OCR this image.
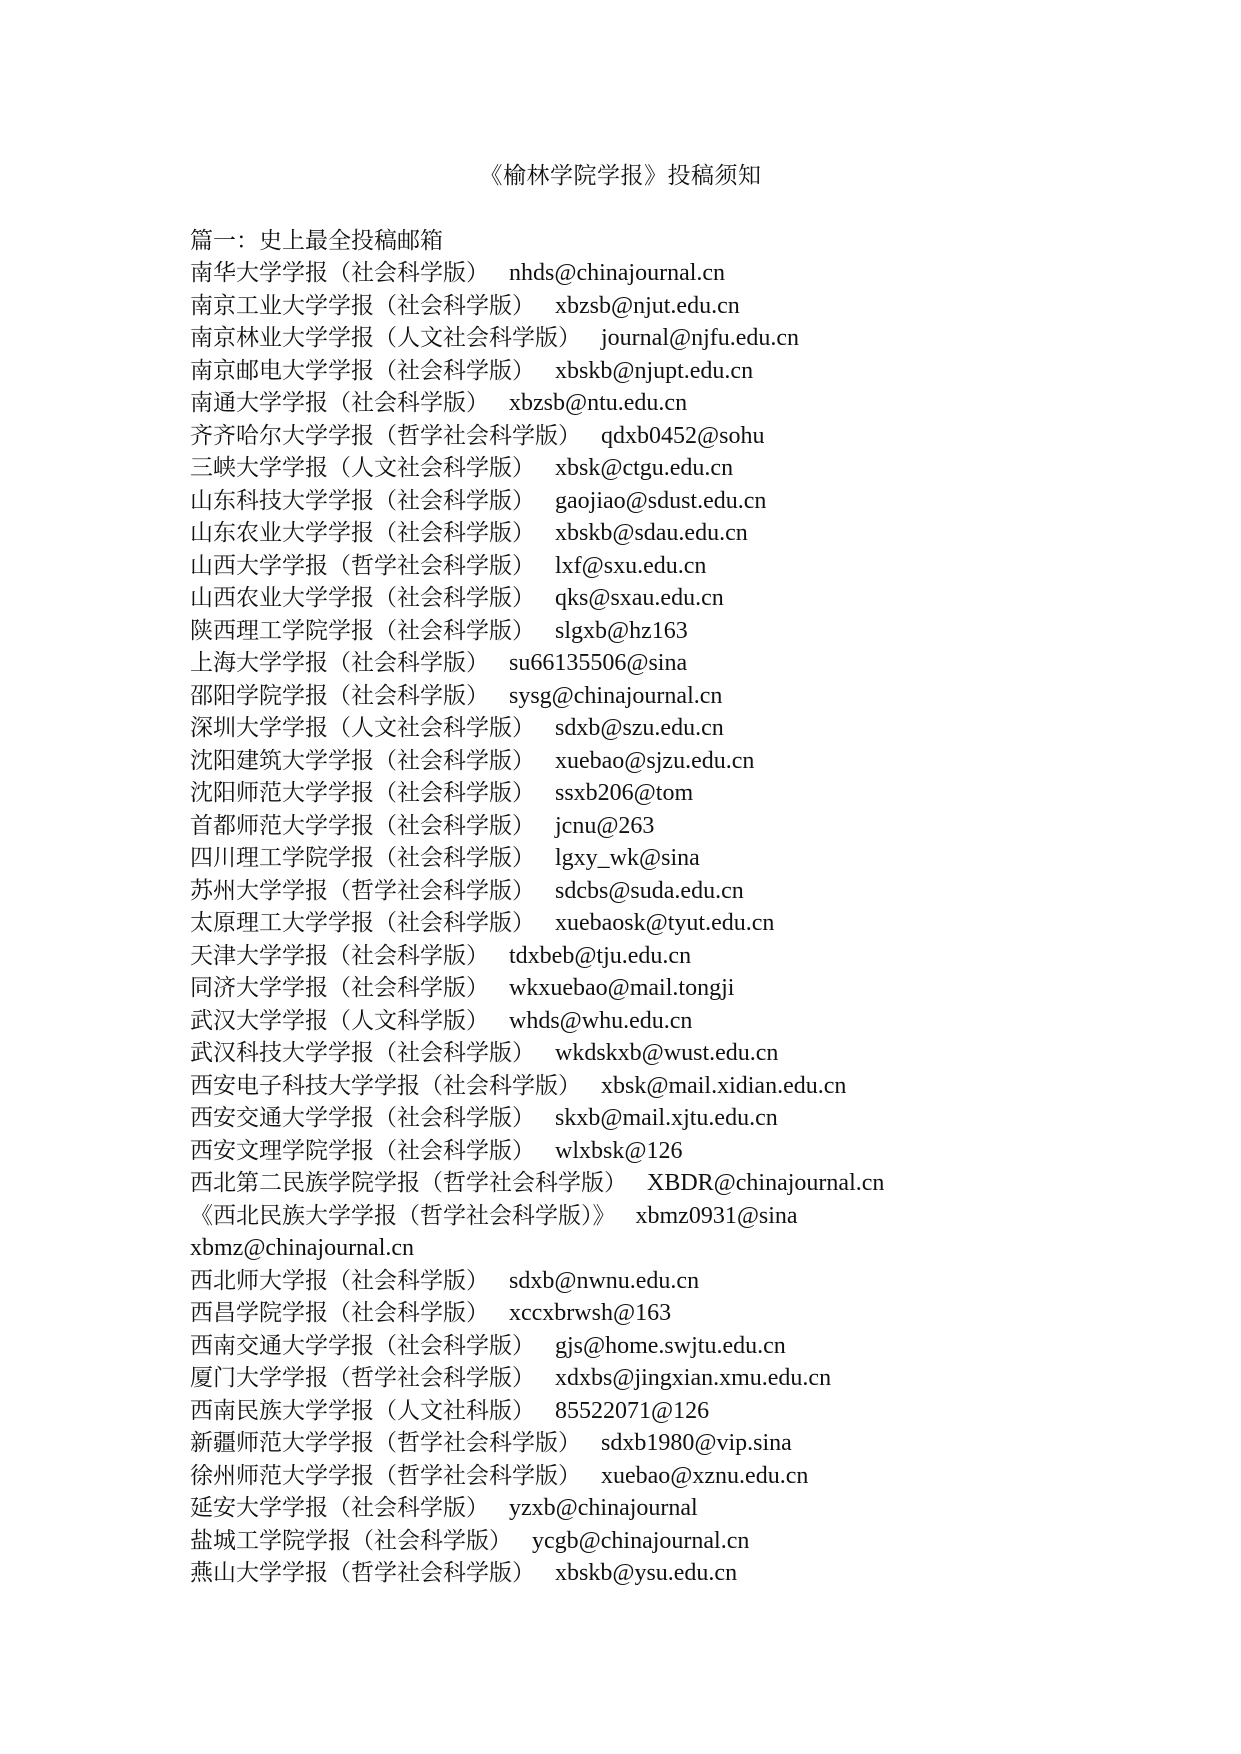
《榆林学院学报》投稿须知
篇一：史上最全投稿邮箱
南华大学学报（社会科学版） nhds@chinajournal.cn
南京工业大学学报（社会科学版） xbzsb@njut.edu.cn
南京林业大学学报（人文社会科学版） journal@njfu.edu.cn
南京邮电大学学报（社会科学版） xbskb@njupt.edu.cn
南通大学学报（社会科学版） xbzsb@ntu.edu.cn
齐齐哈尔大学学报（哲学社会科学版） qdxb0452@sohu
三峡大学学报（人文社会科学版） xbsk@ctgu.edu.cn
山东科技大学学报（社会科学版） gaojiao@sdust.edu.cn
山东农业大学学报（社会科学版） xbskb@sdau.edu.cn
山西大学学报（哲学社会科学版） lxf@sxu.edu.cn
山西农业大学学报（社会科学版） qks@sxau.edu.cn
陕西理工学院学报（社会科学版） slgxb@hz163
上海大学学报（社会科学版） su66135506@sina
邵阳学院学报（社会科学版） sysg@chinajournal.cn
深圳大学学报（人文社会科学版） sdxb@szu.edu.cn
沈阳建筑大学学报（社会科学版） xuebao@sjzu.edu.cn
沈阳师范大学学报（社会科学版） ssxb206@tom
首都师范大学学报（社会科学版） jcnu@263
四川理工学院学报（社会科学版） lgxy_wk@sina
苏州大学学报（哲学社会科学版） sdcbs@suda.edu.cn
太原理工大学学报（社会科学版） xuebaosk@tyut.edu.cn
天津大学学报（社会科学版） tdxbeb@tju.edu.cn
同济大学学报（社会科学版） wkxuebao@mail.tongji
武汉大学学报（人文科学版） whds@whu.edu.cn
武汉科技大学学报（社会科学版） wkdskxb@wust.edu.cn
西安电子科技大学学报（社会科学版） xbsk@mail.xidian.edu.cn
西安交通大学学报（社会科学版） skxb@mail.xjtu.edu.cn
西安文理学院学报（社会科学版） wlxbsk@126
西北第二民族学院学报（哲学社会科学版） XBDR@chinajournal.cn
《西北民族大学学报（哲学社会科学版）》 xbmz0931@sina
xbmz@chinajournal.cn
西北师大学报（社会科学版） sdxb@nwnu.edu.cn
西昌学院学报（社会科学版） xccxbrwsh@163
西南交通大学学报（社会科学版） gjs@home.swjtu.edu.cn
厦门大学学报（哲学社会科学版） xdxbs@jingxian.xmu.edu.cn
西南民族大学学报（人文社科版） 85522071@126
新疆师范大学学报（哲学社会科学版） sdxb1980@vip.sina
徐州师范大学学报（哲学社会科学版） xuebao@xznu.edu.cn
延安大学学报（社会科学版） yzxb@chinajournal
盐城工学院学报（社会科学版） ycgb@chinajournal.cn
燕山大学学报（哲学社会科学版） xbskb@ysu.edu.cn
